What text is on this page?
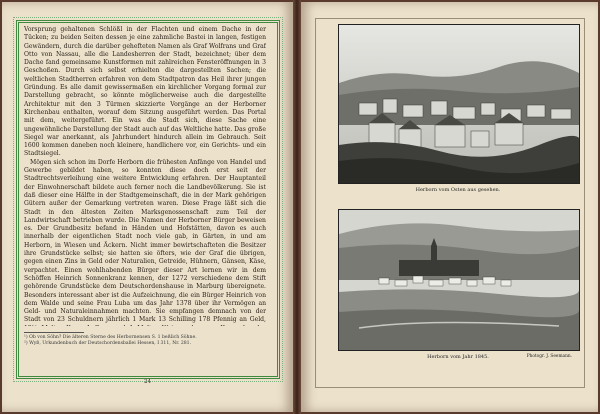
Vorsprung gehaltenen Schlößl in der Flachten und einem Dache in der Tücken; zu beiden Seiten dessen je eine zahmliche Bastei in langen, festigen Gewändern, durch die darüber gehefteten Namen als Graf Wolfrans und Graf Otto von Nassau, alle die Landesherren der Stadt, bezeichnet; über dem Dache fand gemeinsame Kunstformen mit zahlreichen Fensteröffnungen in 3 Geschoßen. Durch sich selbst erhielten die dargestellten Sachen; die weltlichen Stadtherren erfahren von dem Stadtpatron das Heil ihrer jungen Gründung. Es alle damit gewissermaßen ein kirchlicher Vorgang formal zur Darstellung gebracht, so könnte möglicherweise auch die dargestellte Architektur mit den 3 Türmen skizzierte Vorgänge an der Herborner Kirchenbau enthalten, worauf dem Sitzung ausgeführt werden. Das Portal mit dem, weitergeführt. Ein was die Stadt sich, diese Sache eine ungewöhnliche Darstellung der Stadt auch auf das Weltliche hatte. Das große Siegel war anerkannt, als Jahrhundert hindurch allein im Gebrauch. Seit 1600 kommen daneben noch kleinere, handlichere vor, ein Gerichts- und ein Stadtsiegel.

Mögen sich schon im Dorfe Herborn die frühesten Anfänge von Handel und Gewerbe gebildet haben, so konnten diese doch erst seit der Stadtrechtsverleihung eine weitere Entwicklung erfahren. Der Hauptanteil der Einwohnerschaft bildete auch ferner noch die Landbevölkerung. Sie ist daß dieser eine Hälfte in der Stadtgemeinschaft, die in der Mark gehörigen Gütern außer der Gemarkung vertreten waren. Diese Frage läßt sich die Stadt in den ältesten Zeiten Marksgenossenschaft zum Teil der Landwirtschaft betrieben wurde. Die Namen der Herborner Bürger beweisen es. Der Grundbesitz befand in Händen und Hofstätten, davon es auch innerhalb der eigentlichen Stadt noch viele gab, in Gärten, in und am Herborn, in Wiesen und Äckern. Nicht immer bewirtschafteten die Besitzer ihre Grundstücke selbst; sie hatten sie öfters, wie der Graf die übrigen, gegen einen Zins in Geld oder Naturalien, Getreide, Hühnern, Gänsen, Käse, verpachtet. Einen wohlhabenden Bürger dieser Art lernen wir in dem Schöffen Heinrich Sonnenkranz kennen, der 1272 verschiedene dem Stift gehörende Grundstücke dem Deutschordenshause in Marburg übereignete. Besonders interessant aber ist die Aufzeichnung, die ein Bürger Heinrich von dem Walde und seine Frau Luba um das Jahr 1378 über ihr Vermögen an Geld- und Naturaleinnahmen machten. Sie empfangen demnach von der Stadt von 23 Schuldnern jährlich 1 Mark 13 Schilling 178 Pfennig an Geld,

¹) Ob von Söhn? Die älteren Sterne des Herbornensen S. 1 beßlich Söhne.
²) Wyß, Urkundenbuch der Deutschordensballei Hessen, I 311, Nr. 281.
24
Herborn vom Osten aus gesehen.
Herborn vom Jahr 1845.	Photogr. J. Seemann.
